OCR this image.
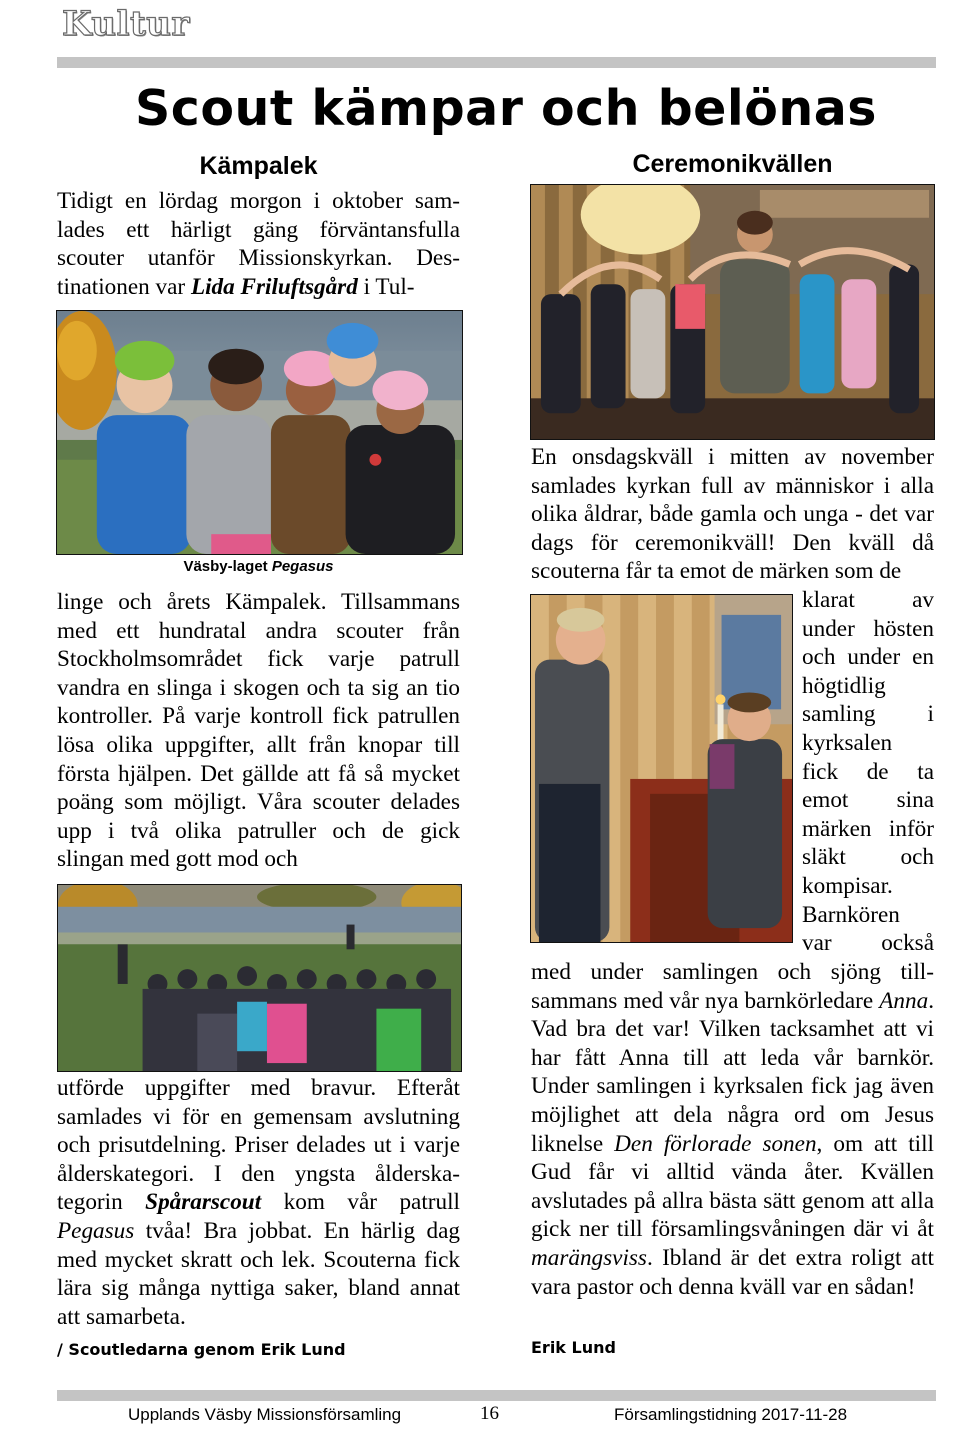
Kultur
Scout kämpar och belönas
Kämpalek

Tidigt en lördag morgon i oktober samlades ett härligt gäng förväntansfulla scouter utanför Missionskyrkan. Destinationen var Lida Friluftsgård i Tul-

Väsby-laget Pegasus

linge och årets Kämpalek. Tillsammans med ett hundratal andra scouter från Stockholmsområdet fick varje patrull vandra en slinga i skogen och ta sig an tio kontroller. På varje kontroll fick patrullen lösa olika uppgifter, allt från knopar till första hjälpen. Det gällde att få så mycket poäng som möjligt. Våra scouter delades upp i två olika patruller och de gick slingan med gott mod och

utförde uppgifter med bravur. Efteråt samlades vi för en gemensam avslutning och prisutdelning. Priser delades ut i varje ålderskategori. I den yngsta ålderskategorin Spårarscout kom vår patrull Pegasus tvåa! Bra jobbat. En härlig dag med mycket skratt och lek. Scouterna fick lära sig många nyttiga saker, bland annat att samarbeta.

/ Scoutledarna genom Erik Lund
Ceremonikvällen

En onsdagskväll i mitten av november samlades kyrkan full av människor i alla olika åldrar, både gamla och unga - det var dags för ceremonikväll! Den kväll då scouterna får ta emot de märken som de

klarat av
under hösten
och under en
högtidlig
samling i
kyrksalen
fick de ta
emot sina
märken inför
släkt och
kompisar.
Barnkören
var också

med under samlingen och sjöng tillsammans med vår nya barnkörledare Anna. Vad bra det var! Vilken tacksamhet att vi har fått Anna till att leda vår barnkör. Under samlingen i kyrksalen fick jag även möjlighet att dela några ord om Jesus liknelse Den förlorade sonen, om att till Gud får vi alltid vända åter. Kvällen avslutades på allra bästa sätt genom att alla gick ner till församlingsvåningen där vi åt marängsviss. Ibland är det extra roligt att vara pastor och denna kväll var en sådan!

Erik Lund
Upplands Väsby Missionsförsamling	16	Församlingstidning 2017-11-28
